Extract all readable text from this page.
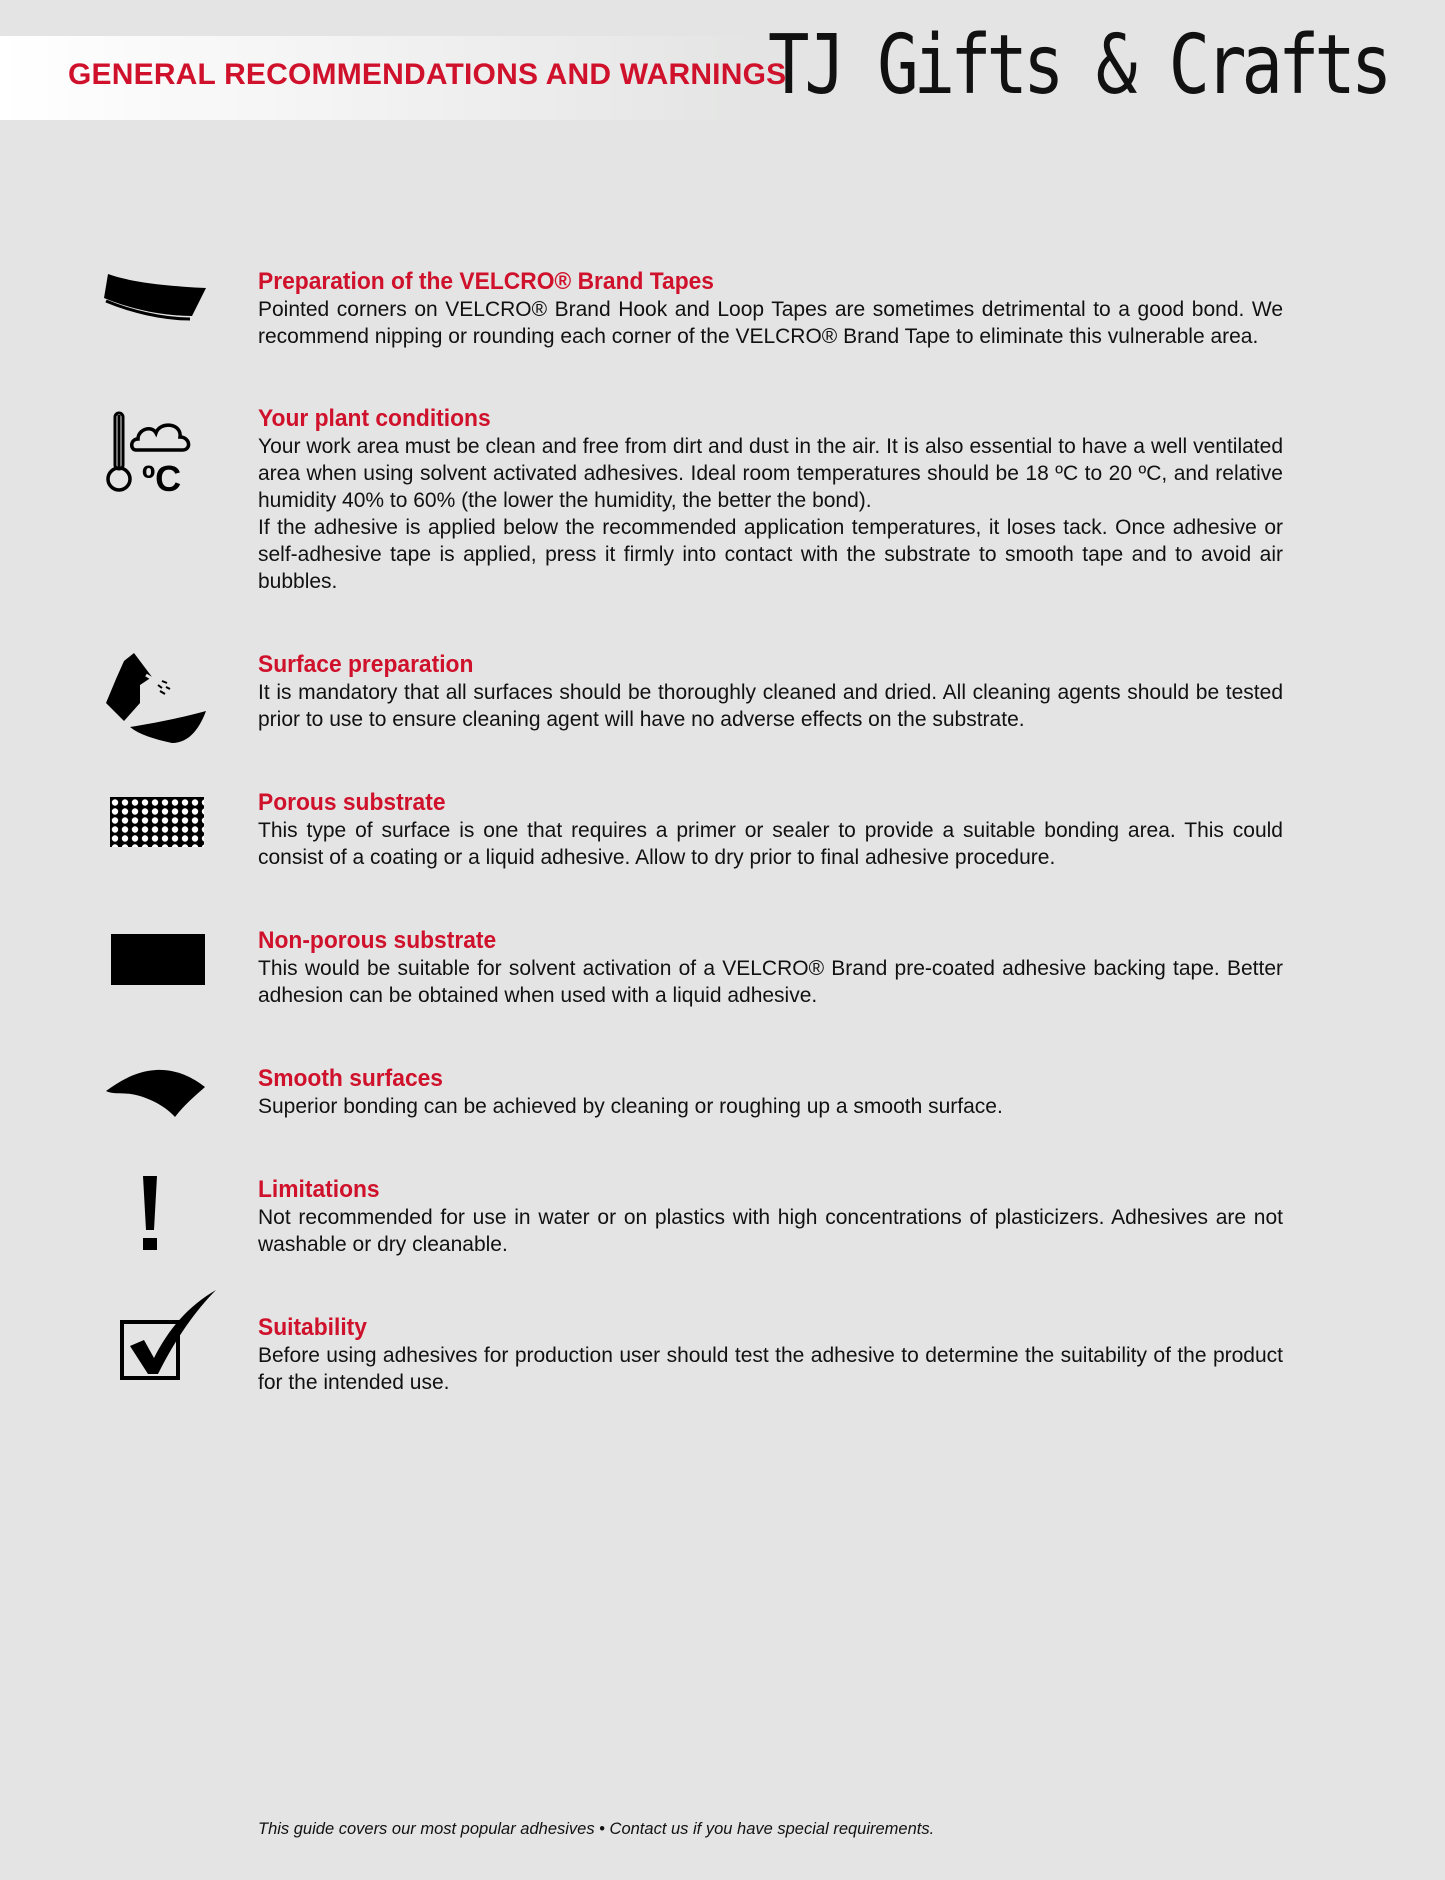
GENERAL RECOMMENDATIONS AND WARNINGS
TJ Gifts & Crafts
Preparation of the VELCRO® Brand Tapes

Pointed corners on VELCRO® Brand Hook and Loop Tapes are sometimes detrimental to a good bond. We recommend nipping or rounding each corner of the VELCRO® Brand Tape to eliminate this vulnerable area.

ºC
Your plant conditions

Your work area must be clean and free from dirt and dust in the air. It is also essential to have a well ventilated area when using solvent activated adhesives. Ideal room temperatures should be 18 ºC to 20 ºC, and relative humidity 40% to 60% (the lower the humidity, the better the bond).

If the adhesive is applied below the recommended application temperatures, it loses tack. Once adhesive or self-adhesive tape is applied, press it firmly into contact with the substrate to smooth tape and to avoid air bubbles.

Surface preparation

It is mandatory that all surfaces should be thoroughly cleaned and dried. All cleaning agents should be tested prior to use to ensure cleaning agent will have no adverse effects on the substrate.

Porous substrate

This type of surface is one that requires a primer or sealer to provide a suitable bonding area. This could consist of a coating or a liquid adhesive. Allow to dry prior to final adhesive procedure.

Non-porous substrate

This would be suitable for solvent activation of a VELCRO® Brand pre-coated adhesive backing tape. Better adhesion can be obtained when used with a liquid adhesive.

Smooth surfaces

Superior bonding can be achieved by cleaning or roughing up a smooth surface.

Limitations

Not recommended for use in water or on plastics with high concentrations of plasticizers. Adhesives are not washable or dry cleanable.

Suitability

Before using adhesives for production user should test the adhesive to determine the suitability of the product for the intended use.

This guide covers our most popular adhesives • Contact us if you have special requirements.
